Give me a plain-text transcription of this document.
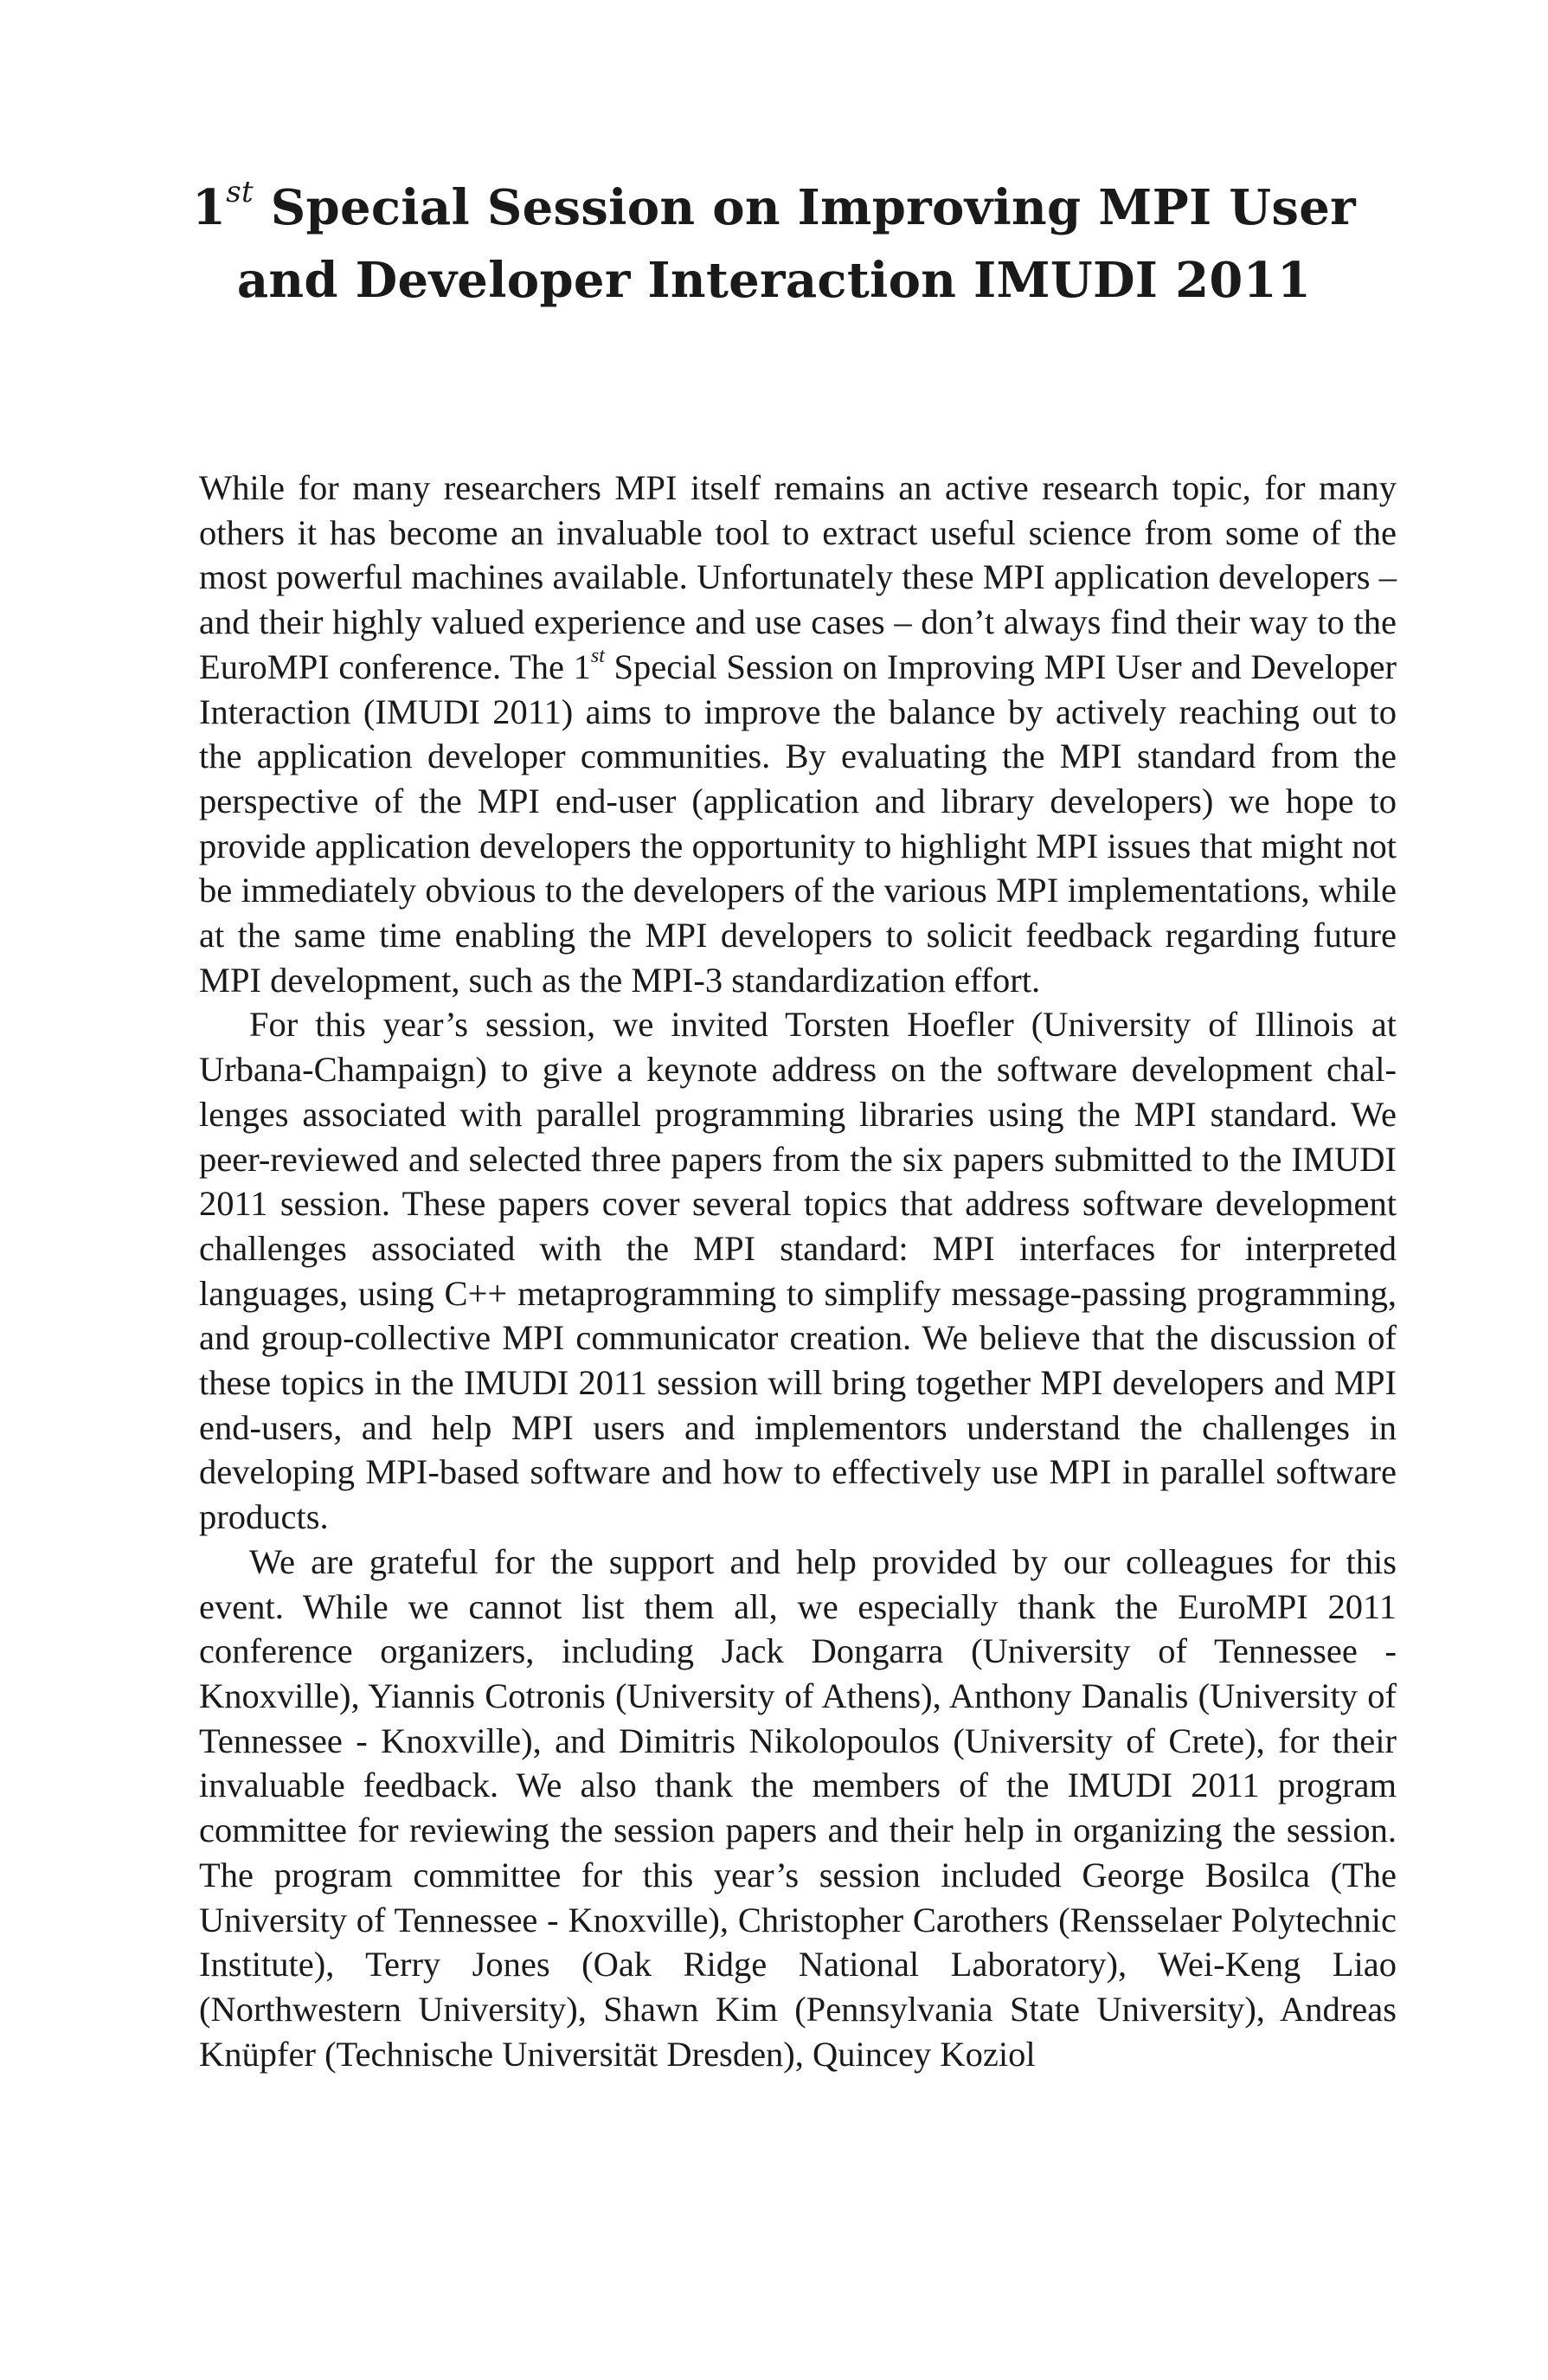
1st Special Session on Improving MPI User
and Developer Interaction IMUDI 2011

While for many researchers MPI itself remains an active research topic, for many others it has become an invaluable tool to extract useful science from some of the most powerful machines available. Unfortunately these MPI application developers – and their highly valued experience and use cases – don’t always find their way to the EuroMPI conference. The 1st Special Session on Improving MPI User and Developer Interaction (IMUDI 2011) aims to improve the balance by actively reaching out to the application developer communities. By evaluating the MPI standard from the perspective of the MPI end-user (application and library developers) we hope to provide application developers the opportunity to highlight MPI issues that might not be immediately obvious to the developers of the various MPI implementations, while at the same time enabling the MPI developers to solicit feedback regarding future MPI development, such as the MPI-3 standardization effort.

For this year’s session, we invited Torsten Hoefler (University of Illinois at Urbana-Champaign) to give a keynote address on the software development challenges associated with parallel programming libraries using the MPI standard. We peer-reviewed and selected three papers from the six papers submitted to the IMUDI 2011 session. These papers cover several topics that address software development challenges associated with the MPI standard: MPI interfaces for interpreted languages, using C++ metaprogramming to simplify message-passing programming, and group-collective MPI communicator creation. We believe that the discussion of these topics in the IMUDI 2011 session will bring together MPI developers and MPI end-users, and help MPI users and implementors understand the challenges in developing MPI-based software and how to effectively use MPI in parallel software products.

We are grateful for the support and help provided by our colleagues for this event. While we cannot list them all, we especially thank the EuroMPI 2011 conference organizers, including Jack Dongarra (University of Tennessee - Knoxville), Yiannis Cotronis (University of Athens), Anthony Danalis (University of Tennessee - Knoxville), and Dimitris Nikolopoulos (University of Crete), for their invaluable feedback. We also thank the members of the IMUDI 2011 program committee for reviewing the session papers and their help in organizing the session. The program committee for this year’s session included George Bosilca (The University of Tennessee - Knoxville), Christopher Carothers (Rensselaer Polytechnic Institute), Terry Jones (Oak Ridge National Laboratory), Wei-Keng Liao (Northwestern University), Shawn Kim (Pennsylvania State University), Andreas Knüpfer (Technische Universität Dresden), Quincey Koziol
